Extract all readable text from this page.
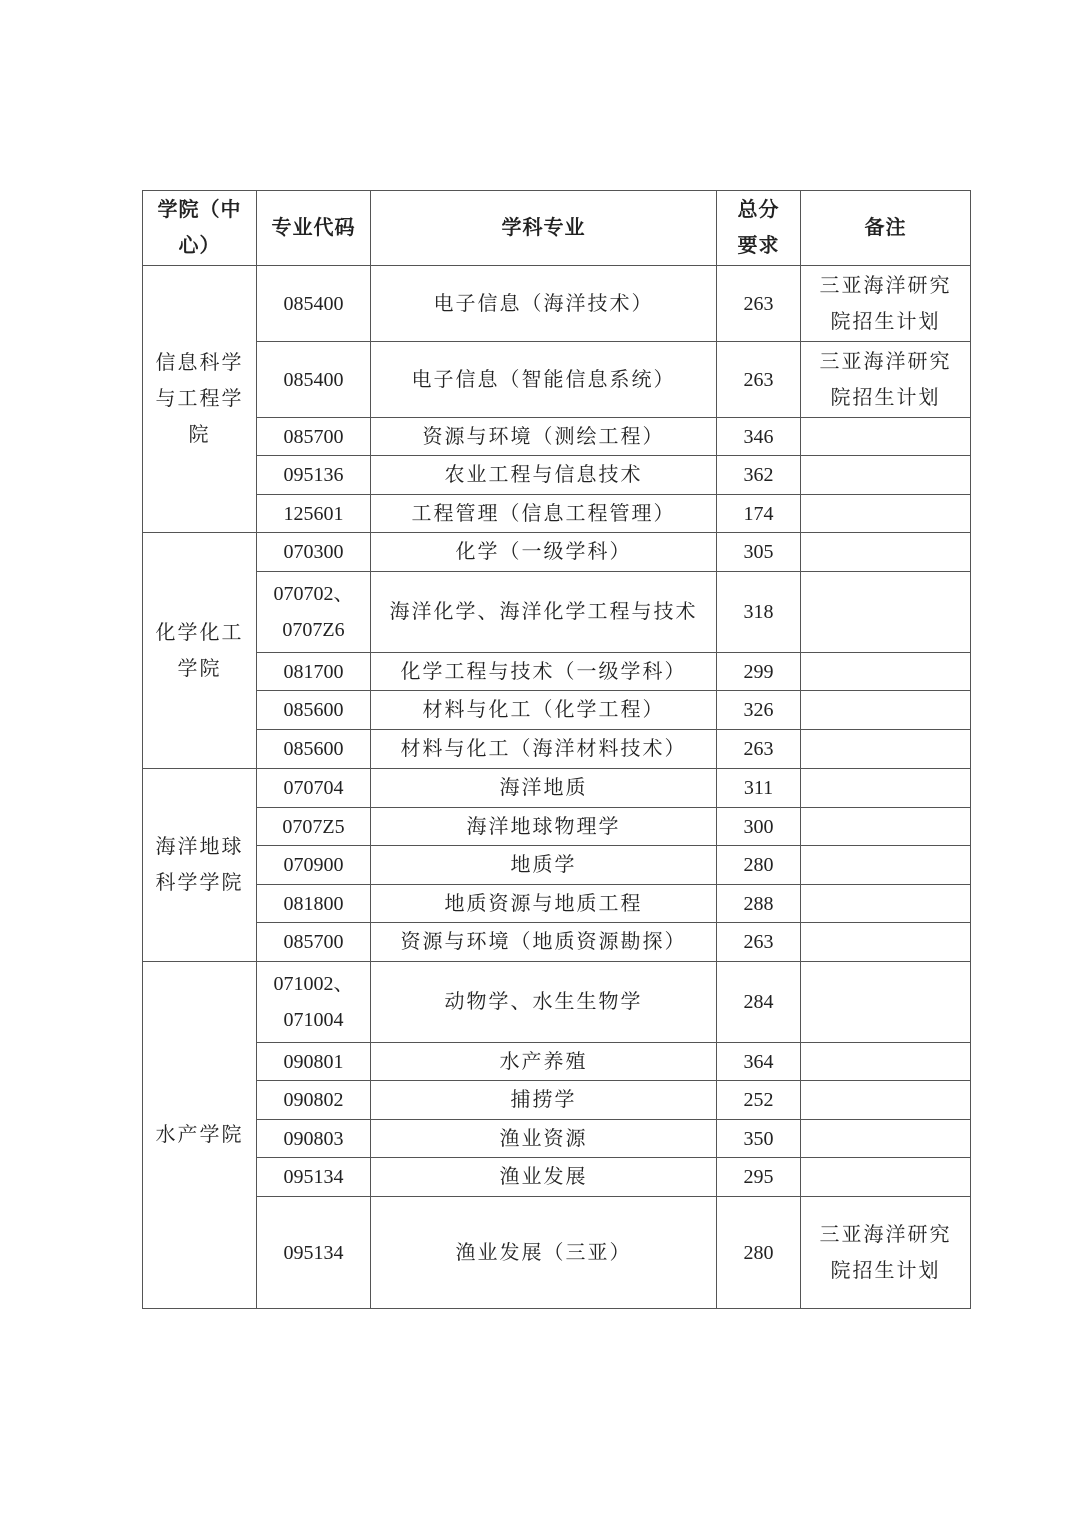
学院（中心）	专业代码	学科专业	总分要求	备注
信息科学与工程学院	085400	电子信息（海洋技术）	263	三亚海洋研究院招生计划
	085400	电子信息（智能信息系统）	263	三亚海洋研究院招生计划
	085700	资源与环境（测绘工程）	346	
	095136	农业工程与信息技术	362	
	125601	工程管理（信息工程管理）	174	
化学化工学院	070300	化学（一级学科）	305	
	070702、0707Z6	海洋化学、海洋化学工程与技术	318	
	081700	化学工程与技术（一级学科）	299	
	085600	材料与化工（化学工程）	326	
	085600	材料与化工（海洋材料技术）	263	
海洋地球科学学院	070704	海洋地质	311	
	0707Z5	海洋地球物理学	300	
	070900	地质学	280	
	081800	地质资源与地质工程	288	
	085700	资源与环境（地质资源勘探）	263	
水产学院	071002、071004	动物学、水生生物学	284	
	090801	水产养殖	364	
	090802	捕捞学	252	
	090803	渔业资源	350	
	095134	渔业发展	295	
	095134	渔业发展（三亚）	280	三亚海洋研究院招生计划
